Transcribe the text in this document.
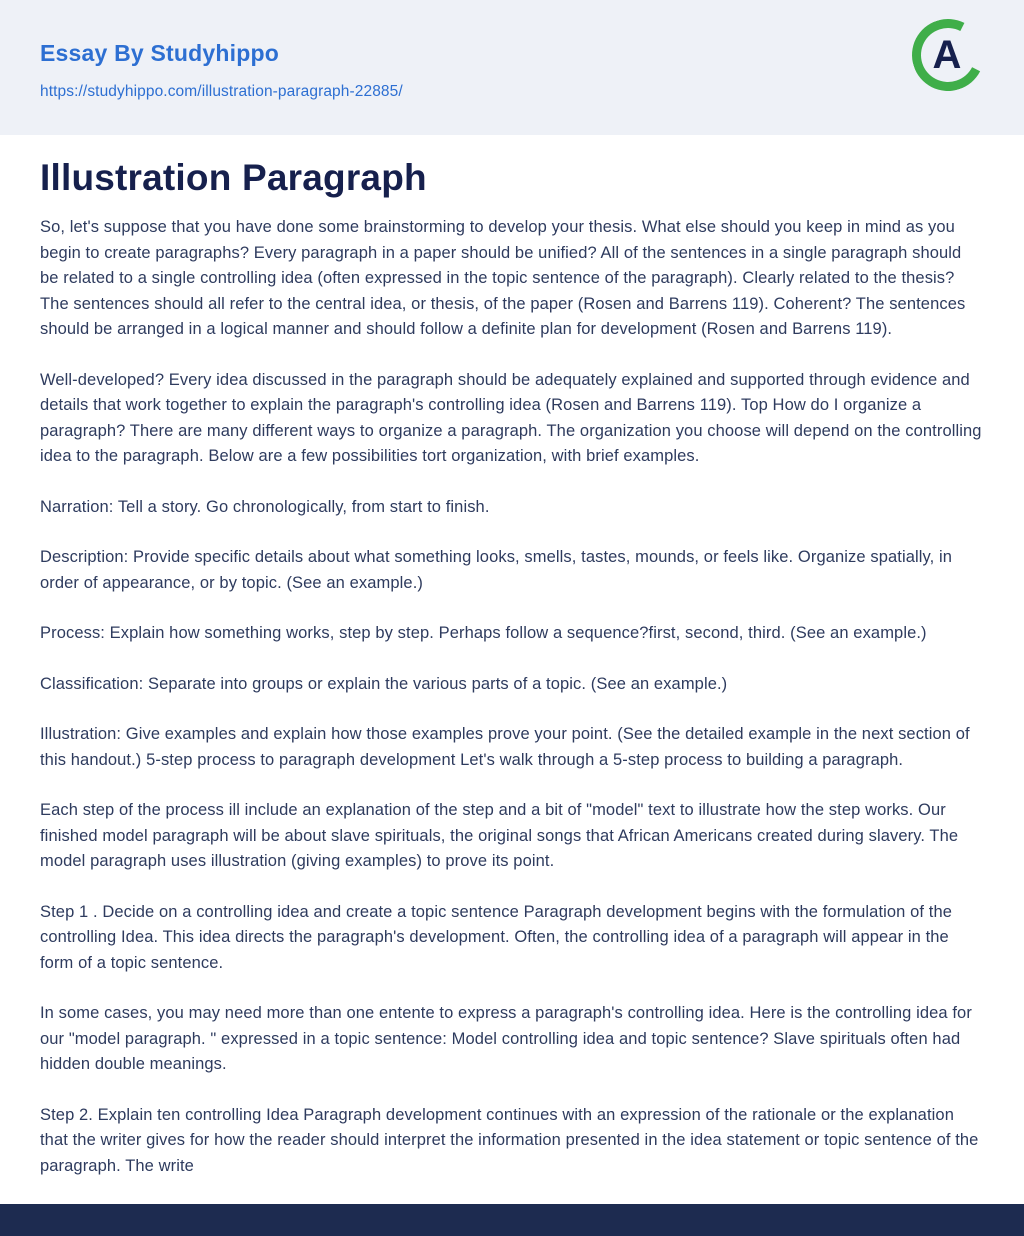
Essay By Studyhippo
https://studyhippo.com/illustration-paragraph-22885/
A
Illustration Paragraph

So, let's suppose that you have done some brainstorming to develop your thesis. What else should you keep in mind as you begin to create paragraphs? Every paragraph in a paper should be unified? All of the sentences in a single paragraph should be related to a single controlling idea (often expressed in the topic sentence of the paragraph). Clearly related to the thesis? The sentences should all refer to the central idea, or thesis, of the paper (Rosen and Barrens 119). Coherent? The sentences should be arranged in a logical manner and should follow a definite plan for development (Rosen and Barrens 119).

Well-developed? Every idea discussed in the paragraph should be adequately explained and supported through evidence and details that work together to explain the paragraph's controlling idea (Rosen and Barrens 119). Top How do I organize a paragraph? There are many different ways to organize a paragraph. The organization you choose will depend on the controlling idea to the paragraph. Below are a few possibilities tort organization, with brief examples.

Narration: Tell a story. Go chronologically, from start to finish.

Description: Provide specific details about what something looks, smells, tastes, mounds, or feels like. Organize spatially, in order of appearance, or by topic. (See an example.)

Process: Explain how something works, step by step. Perhaps follow a sequence?first, second, third. (See an example.)

Classification: Separate into groups or explain the various parts of a topic. (See an example.)

Illustration: Give examples and explain how those examples prove your point. (See the detailed example in the next section of this handout.) 5-step process to paragraph development Let's walk through a 5-step process to building a paragraph.

Each step of the process ill include an explanation of the step and a bit of "model" text to illustrate how the step works. Our finished model paragraph will be about slave spirituals, the original songs that African Americans created during slavery. The model paragraph uses illustration (giving examples) to prove its point.

Step 1 . Decide on a controlling idea and create a topic sentence Paragraph development begins with the formulation of the controlling Idea. This idea directs the paragraph's development. Often, the controlling idea of a paragraph will appear in the form of a topic sentence.

In some cases, you may need more than one entente to express a paragraph's controlling idea. Here is the controlling idea for our "model paragraph. " expressed in a topic sentence: Model controlling idea and topic sentence? Slave spirituals often had hidden double meanings.

Step 2. Explain ten controlling Idea Paragraph development continues with an expression of the rationale or the explanation that the writer gives for how the reader should interpret the information presented in the idea statement or topic sentence of the paragraph. The write
